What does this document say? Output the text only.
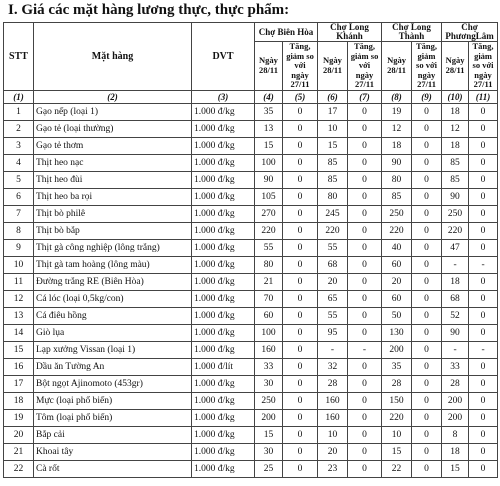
I. Giá các mặt hàng lương thực, thực phẩm:
STT	Mặt hàng	DVT	Chợ Biên Hòa		Chợ Long Khánh		Chợ Long Thành		Chợ PhươngLâm	
			Ngày 28/11	Tăng, giảm so với ngày 27/11	Ngày 28/11	Tăng, giảm so với ngày 27/11	Ngày 28/11	Tăng, giảm so với ngày 27/11	Ngày 28/11	Tăng, giảm so với ngày 27/11
(1)	(2)	(3)	(4)	(5)	(6)	(7)	(8)	(9)	(10)	(11)
1	Gạo nếp (loại 1)	1.000 đ/kg	35	0	17	0	19	0	18	0
2	Gạo tẻ (loại thường)	1.000 đ/kg	13	0	10	0	12	0	12	0
3	Gạo tẻ thơm	1.000 đ/kg	15	0	15	0	18	0	18	0
4	Thịt heo nạc	1.000 đ/kg	100	0	85	0	90	0	85	0
5	Thịt heo đùi	1.000 đ/kg	90	0	85	0	80	0	85	0
6	Thịt heo ba rọi	1.000 đ/kg	105	0	80	0	85	0	90	0
7	Thịt bò philê	1.000 đ/kg	270	0	245	0	250	0	250	0
8	Thịt bò bắp	1.000 đ/kg	220	0	220	0	220	0	220	0
9	Thịt gà công nghiệp (lông trắng)	1.000 đ/kg	55	0	55	0	40	0	47	0
10	Thịt gà tam hoàng (lông màu)	1.000 đ/kg	80	0	68	0	60	0	-	-
11	Đường trắng RE (Biên Hòa)	1.000 đ/kg	21	0	20	0	20	0	18	0
12	Cá lóc (loại 0,5kg/con)	1.000 đ/kg	70	0	65	0	60	0	68	0
13	Cá điêu hồng	1.000 đ/kg	60	0	55	0	50	0	52	0
14	Giò lụa	1.000 đ/kg	100	0	95	0	130	0	90	0
15	Lạp xưởng Vissan (loại 1)	1.000 đ/kg	160	0	-	-	200	0	-	-
16	Dầu ăn Tường An	1.000 đ/lít	33	0	32	0	35	0	33	0
17	Bột ngọt Ajinomoto (453gr)	1.000 đ/kg	30	0	28	0	28	0	28	0
18	Mực (loại phổ biến)	1.000 đ/kg	250	0	160	0	150	0	200	0
19	Tôm (loại phổ biến)	1.000 đ/kg	200	0	160	0	220	0	200	0
20	Bắp cải	1.000 đ/kg	15	0	10	0	10	0	8	0
21	Khoai tây	1.000 đ/kg	30	0	20	0	15	0	18	0
22	Cà rốt	1.000 đ/kg	25	0	23	0	22	0	15	0
